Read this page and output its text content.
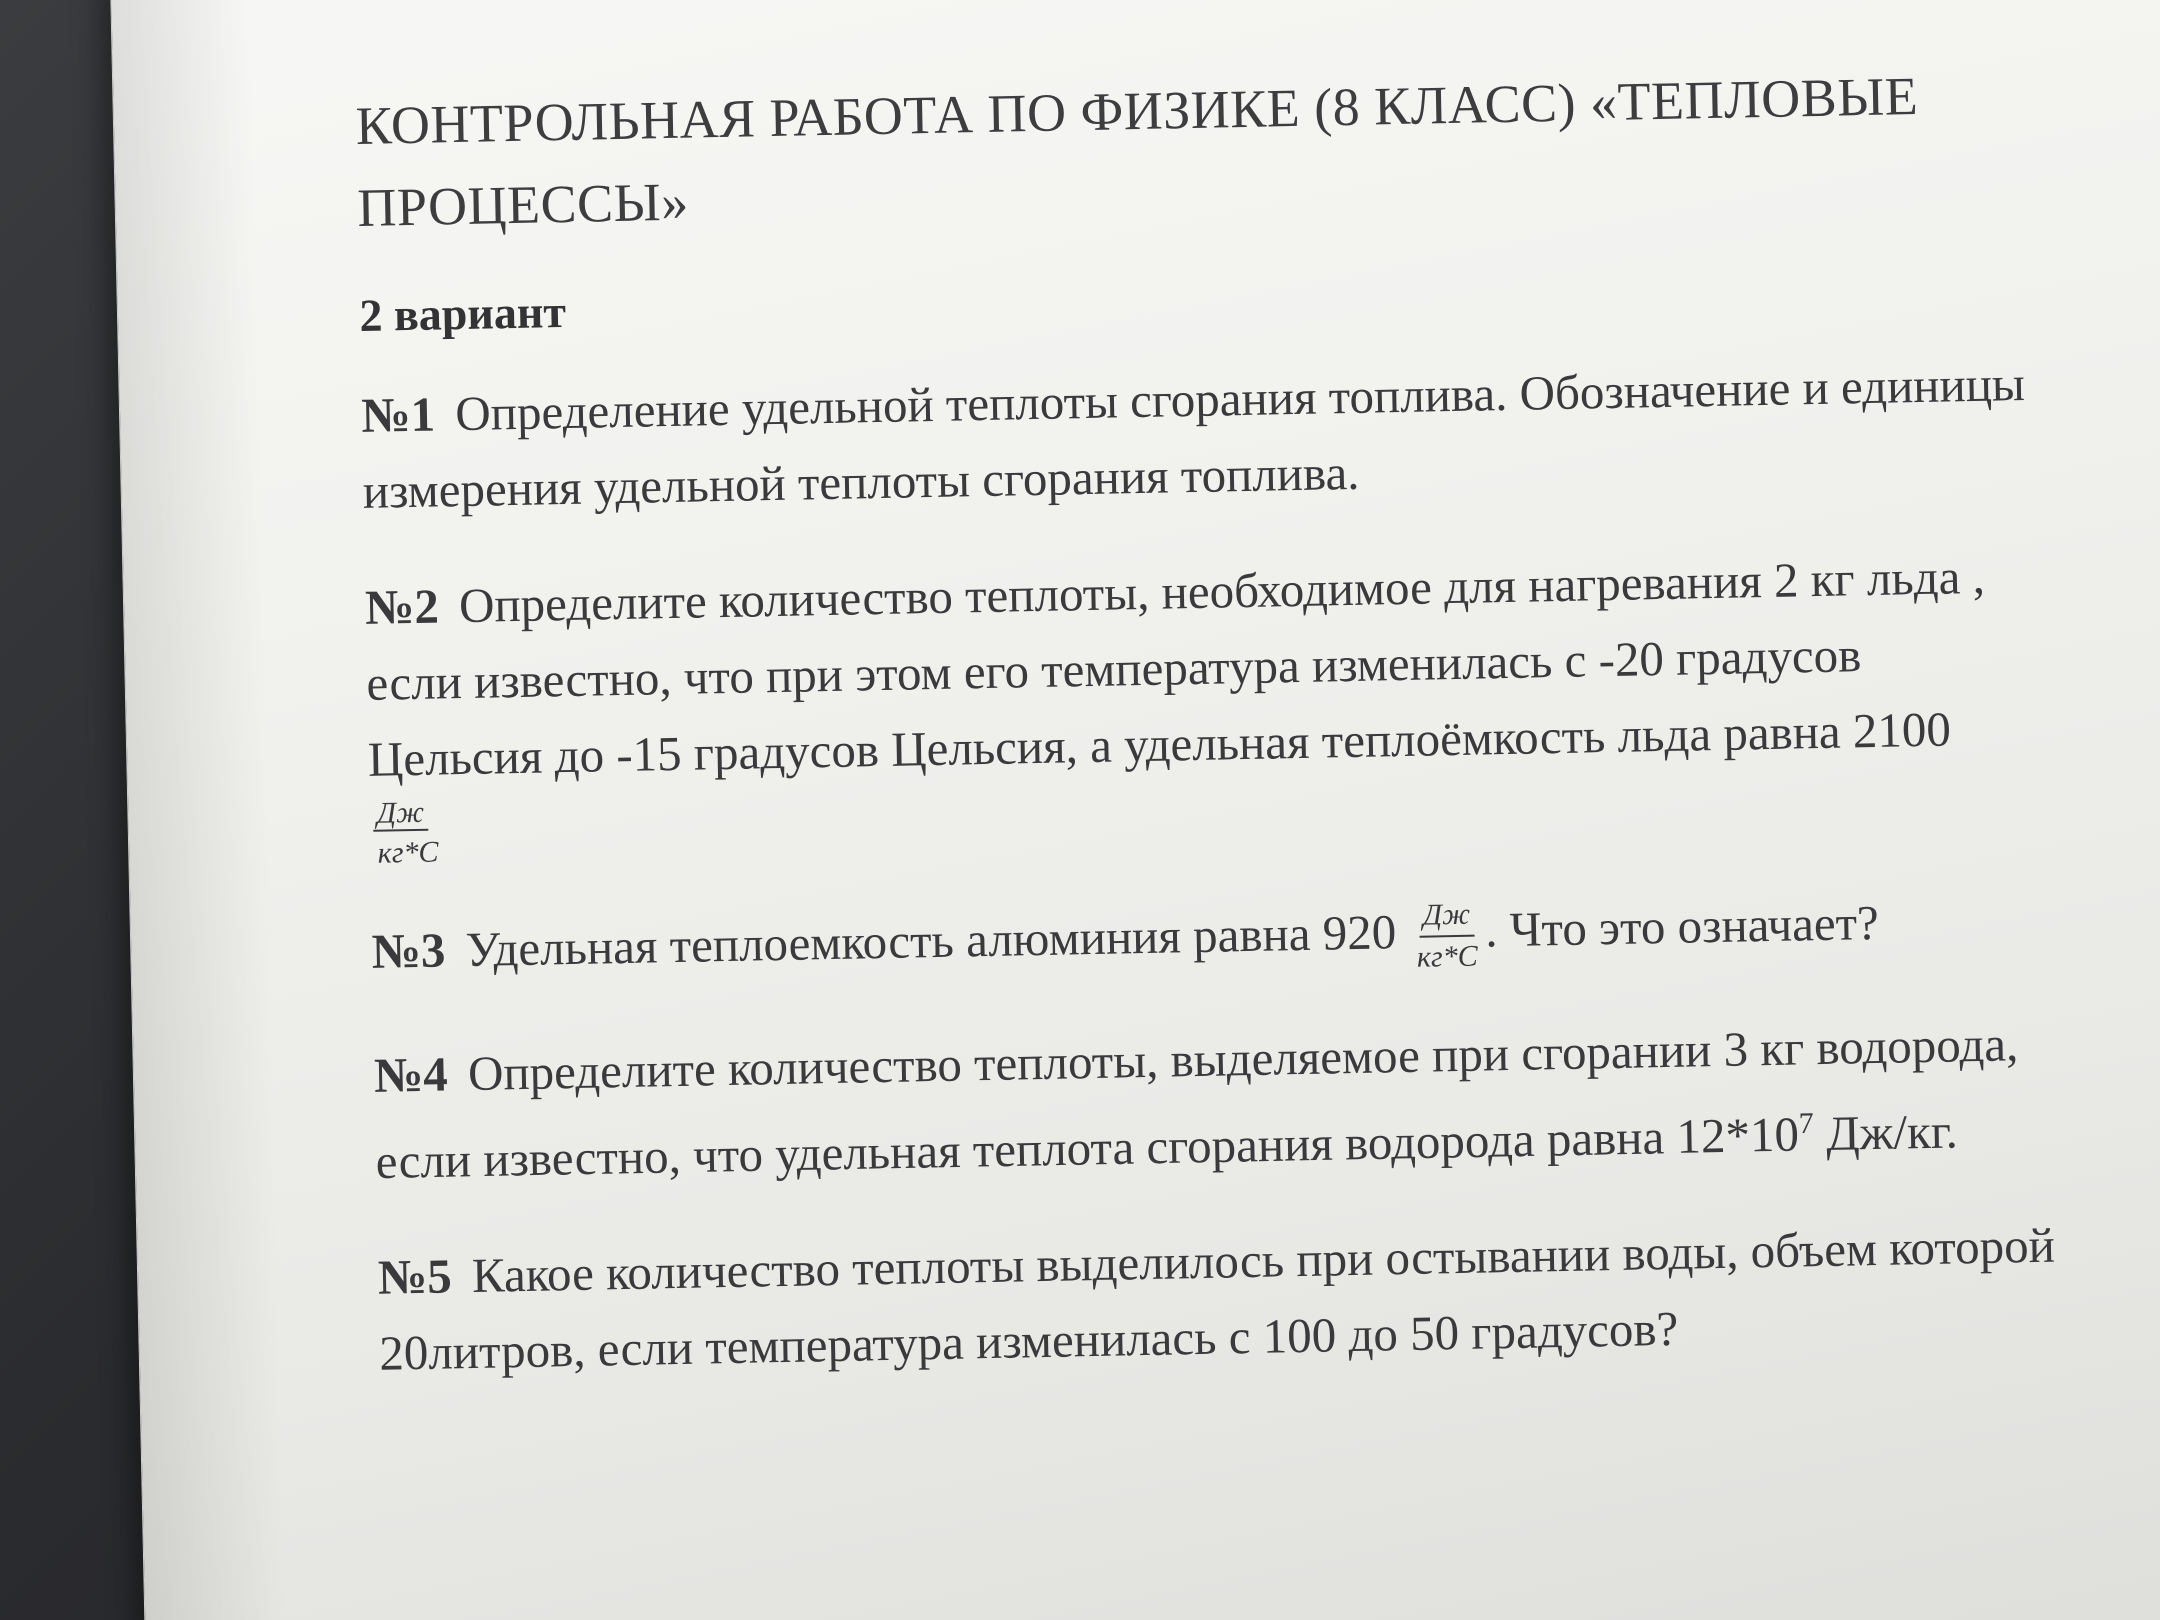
КОНТРОЛЬНАЯ РАБОТА ПО ФИЗИКЕ (8 КЛАСС) «ТЕПЛОВЫЕ ПРОЦЕССЫ»
2 вариант
№1 Определение удельной теплоты сгорания топлива. Обозначение и единицы измерения удельной теплоты сгорания топлива.
№2 Определите количество теплоты, необходимое для нагревания 2 кг льда , если известно, что при этом его температура изменилась с -20 градусов Цельсия до -15 градусов Цельсия, а удельная теплоёмкость льда равна 2100
Дж кг*С
№3 Удельная теплоемкость алюминия равна $920 \frac{Дж}{кг*С}$ . Что это означает?
№4 Определите количество теплоты, выделяемое при сгорании 3 кг водорода, если известно, что удельная теплота сгорания водорода равна $12*10^7$ Дж/кг.
№5 Какое количество теплоты выделилось при остывании воды, объем которой 20литров, если температура изменилась с 100 до 50 градусов?
